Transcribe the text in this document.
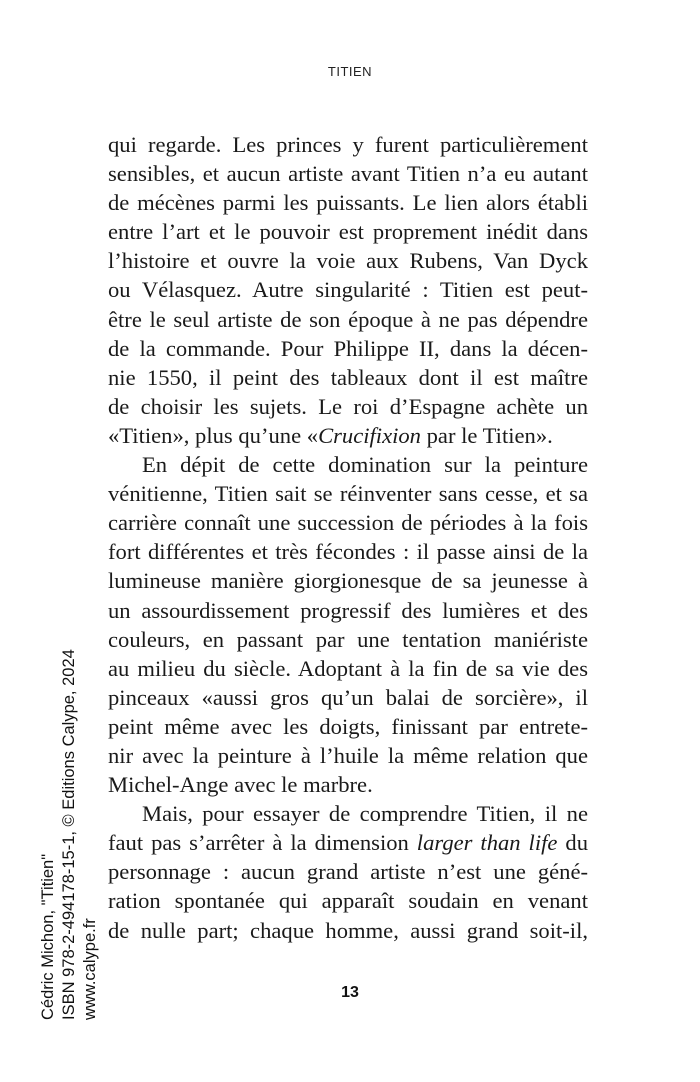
TITIEN
qui regarde. Les princes y furent particulièrement
sensibles, et aucun artiste avant Titien n’a eu autant
de mécènes parmi les puissants. Le lien alors établi
entre l’art et le pouvoir est proprement inédit dans
l’histoire et ouvre la voie aux Rubens, Van Dyck
ou Vélasquez. Autre singularité : Titien est peut-
être le seul artiste de son époque à ne pas dépendre
de la commande. Pour Philippe II, dans la décen-
nie 1550, il peint des tableaux dont il est maître
de choisir les sujets. Le roi d’Espagne achète un
«Titien», plus qu’une «Crucifixion par le Titien».
En dépit de cette domination sur la peinture
vénitienne, Titien sait se réinventer sans cesse, et sa
carrière connaît une succession de périodes à la fois
fort différentes et très fécondes : il passe ainsi de la
lumineuse manière giorgionesque de sa jeunesse à
un assourdissement progressif des lumières et des
couleurs, en passant par une tentation maniériste
au milieu du siècle. Adoptant à la fin de sa vie des
pinceaux «aussi gros qu’un balai de sorcière», il
peint même avec les doigts, finissant par entrete-
nir avec la peinture à l’huile la même relation que
Michel-Ange avec le marbre.
Mais, pour essayer de comprendre Titien, il ne
faut pas s’arrêter à la dimension larger than life du
personnage : aucun grand artiste n’est une géné-
ration spontanée qui apparaît soudain en venant
de nulle part; chaque homme, aussi grand soit-il,
13
Cédric Michon, "Titien" ISBN 978-2-494178-15-1, © Editions Calype, 2024 www.calype.fr
